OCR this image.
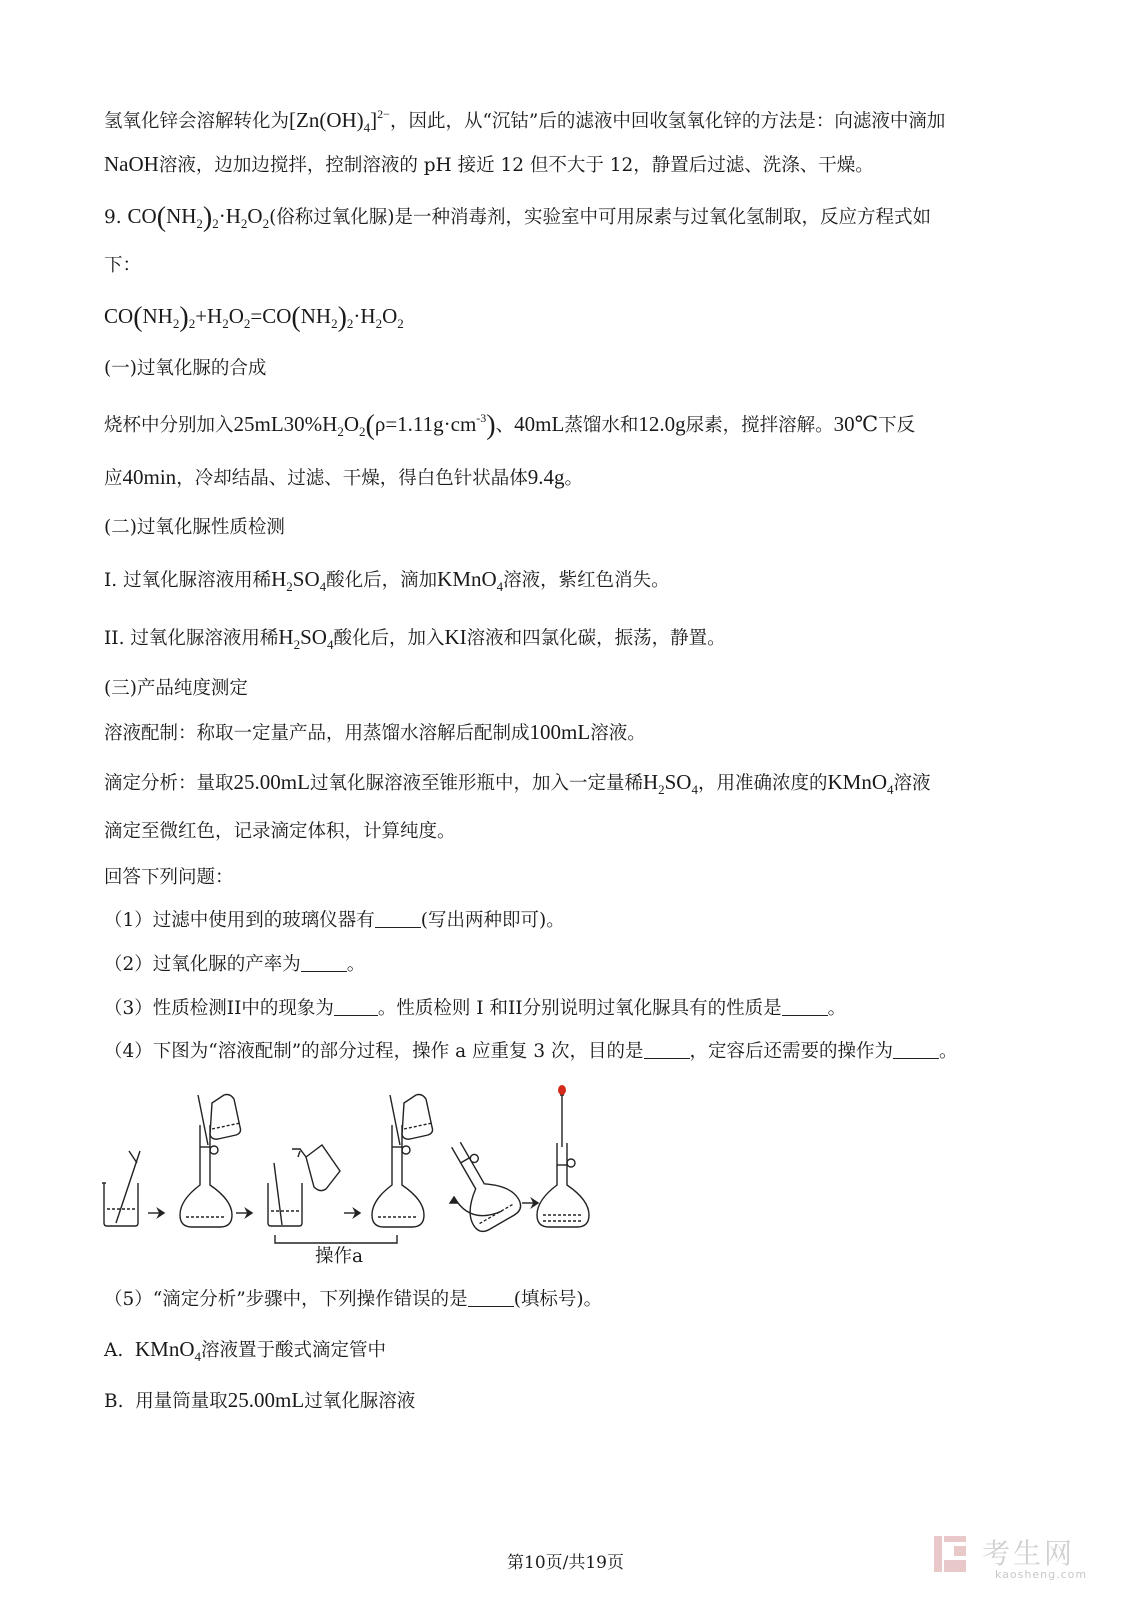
氢氧化锌会溶解转化为$[Zn(OH)_4]^{2-}$，因此，从“沉钴”后的滤液中回收氢氧化锌的方法是：向滤液中滴加
NaOH溶液，边加边搅拌，控制溶液的 pH 接近 12 但不大于 12，静置后过滤、洗涤、干燥。
9. $CO(NH_2)_2\cdot H_2O_2$(俗称过氧化脲)是一种消毒剂，实验室中可用尿素与过氧化氢制取，反应方程式如
下：
$CO(NH_2)_2+H_2O_2=CO(NH_2)_2\cdot H_2O_2$
(一)过氧化脲的合成
烧杯中分别加入$25mL30\%H_2O_2(\rho=1.11g\cdot cm^{-3})$、40mL蒸馏水和12.0g尿素，搅拌溶解。30℃下反
应40min，冷却结晶、过滤、干燥，得白色针状晶体9.4g。
(二)过氧化脲性质检测
I. 过氧化脲溶液用稀$H_2SO_4$酸化后，滴加KMnO$_4$溶液，紫红色消失。
II. 过氧化脲溶液用稀$H_2SO_4$酸化后，加入KI溶液和四氯化碳，振荡，静置。
(三)产品纯度测定
溶液配制：称取一定量产品，用蒸馏水溶解后配制成100mL溶液。
滴定分析：量取25.00mL过氧化脲溶液至锥形瓶中，加入一定量稀$H_2SO_4$，用准确浓度的KMnO$_4$溶液
滴定至微红色，记录滴定体积，计算纯度。
回答下列问题：
（1）过滤中使用到的玻璃仪器有 (写出两种即可)。
（2）过氧化脲的产率为 。
（3）性质检测II中的现象为 。性质检则 I 和II分别说明过氧化脲具有的性质是 。
（4）下图为“溶液配制”的部分过程，操作 a 应重复 3 次，目的是 ，定容后还需要的操作为 。
操作a
（5）“滴定分析”步骤中，下列操作错误的是 (填标号)。
A. KMnO$_4$溶液置于酸式滴定管中
B. 用量筒量取25.00mL过氧化脲溶液
第10页/共19页	考生网
kaosheng.com
